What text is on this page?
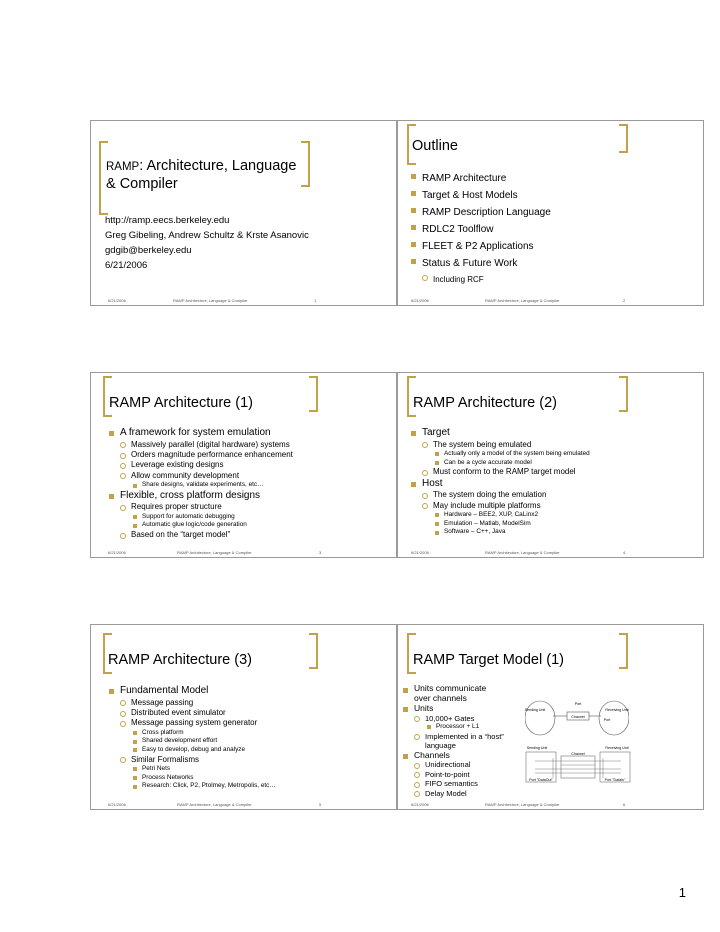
RAMP: Architecture, Language
& Compiler
http://ramp.eecs.berkeley.edu
Greg Gibeling, Andrew Schultz & Krste Asanovic
gdgib@berkeley.edu
6/21/2006
6/21/2006	RAMP Architecture, Language & Compiler	1
Outline
RAMP Architecture
Target & Host Models
RAMP Description Language
RDLC2 Toolflow
FLEET & P2 Applications
Status & Future Work
Including RCF
6/21/2006	RAMP Architecture, Language & Compiler	2
RAMP Architecture (1)
A framework for system emulation
Massively parallel (digital hardware) systems
Orders magnitude performance enhancement
Leverage existing designs
Allow community development
Share designs, validate experiments, etc…
Flexible, cross platform designs
Requires proper structure
Support for automatic debugging
Automatic glue logic/code generation
Based on the “target model”
6/21/2006	RAMP Architecture, Language & Compiler	3
RAMP Architecture (2)
Target
The system being emulated
Actually only a model of the system being emulated
Can be a cycle accurate model
Must conform to the RAMP target model
Host
The system doing the emulation
May include multiple platforms
Hardware – BEE2, XUP, CaLinx2
Emulation – Matlab, ModelSim
Software – C++, Java
6/21/2006	RAMP Architecture, Language & Compiler	4
RAMP Architecture (3)
Fundamental Model
Message passing
Distributed event simulator
Message passing system generator
Cross platform
Shared development effort
Easy to develop, debug and analyze
Similar Formalisms
Petri Nets
Process Networks
Research: Click, P2, Ptolmey, Metropolis, etc…
6/21/2006	RAMP Architecture, Language & Compiler	5
RAMP Target Model (1)
Units communicate
over channels
Units
10,000+ Gates
Processor + L1
Implemented in a “host”
language
Channels
Unidirectional
Point-to-point
FIFO semantics
Delay Model
Port
Sending Unit
Channel
Receiving Unit
Port
Sending Unit	Receiving Unit
Channel
Port "DataOut"	Port "DataIn"
6/21/2006	RAMP Architecture, Language & Compiler	6
1
